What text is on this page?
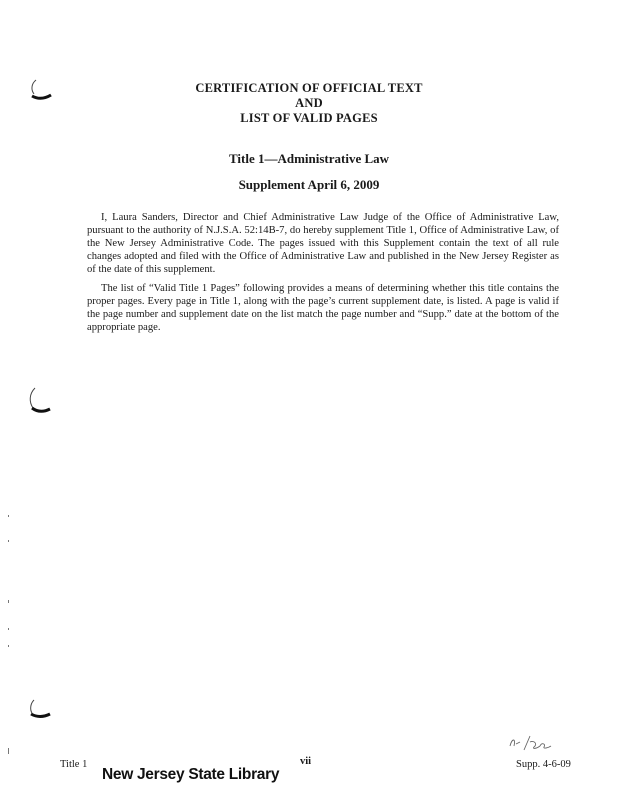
CERTIFICATION OF OFFICIAL TEXT
AND
LIST OF VALID PAGES
Title 1—Administrative Law
Supplement April 6, 2009

I, Laura Sanders, Director and Chief Administrative Law Judge of the Office of Administrative Law, pursuant to the authority of N.J.S.A. 52:14B-7, do hereby supplement Title 1, Office of Administrative Law, of the New Jersey Administrative Code. The pages issued with this Supplement contain the text of all rule changes adopted and filed with the Office of Administrative Law and published in the New Jersey Register as of the date of this supplement.

The list of “Valid Title 1 Pages” following provides a means of determining whether this title contains the proper pages. Every page in Title 1, along with the page’s current supplement date, is listed. A page is valid if the page number and supplement date on the list match the page number and “Supp.” date at the bottom of the appropriate page.

Title 1	vii	Supp. 4-6-09
New Jersey State Library
